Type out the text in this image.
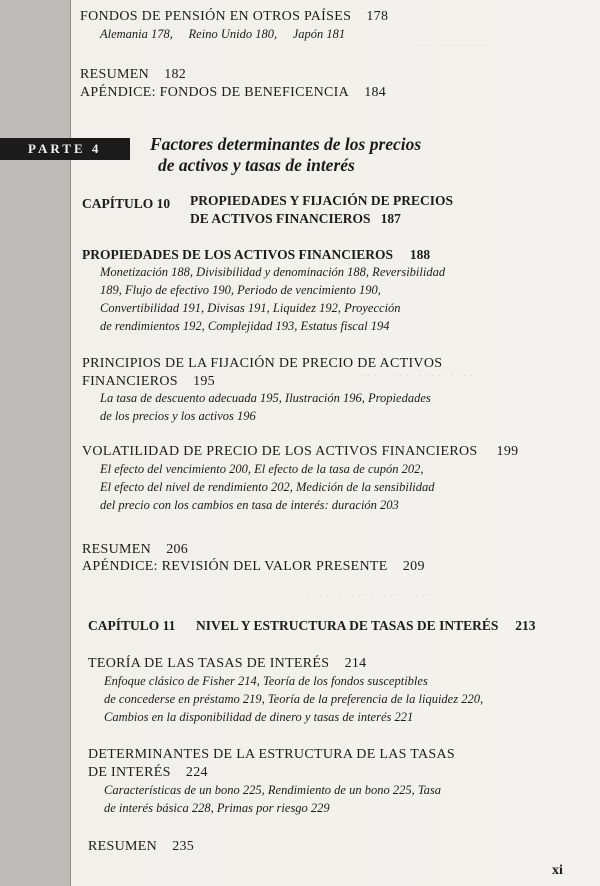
· · · · · · · · · · · · · · ·
· · · · · · · · · · · · · · · · · ·
· · · · · · · · · · · · · · · · · · · · ·
FONDOS DE PENSIÓN EN OTROS PAÍSES 178
Alemania 178, Reino Unido 180, Japón 181
RESUMEN 182
APÉNDICE: FONDOS DE BENEFICENCIA 184
PARTE 4	Factores determinantes de los precios
de activos y tasas de interés
CAPÍTULO 10 PROPIEDADES Y FIJACIÓN DE PRECIOS
DE ACTIVOS FINANCIEROS 187
PROPIEDADES DE LOS ACTIVOS FINANCIEROS 188
Monetización 188, Divisibilidad y denominación 188, Reversibilidad
189, Flujo de efectivo 190, Periodo de vencimiento 190,
Convertibilidad 191, Divisas 191, Liquidez 192, Proyección
de rendimientos 192, Complejidad 193, Estatus fiscal 194
PRINCIPIOS DE LA FIJACIÓN DE PRECIO DE ACTIVOS
FINANCIEROS 195
La tasa de descuento adecuada 195, Ilustración 196, Propiedades
de los precios y los activos 196
VOLATILIDAD DE PRECIO DE LOS ACTIVOS FINANCIEROS 199
El efecto del vencimiento 200, El efecto de la tasa de cupón 202,
El efecto del nivel de rendimiento 202, Medición de la sensibilidad
del precio con los cambios en tasa de interés: duración 203
RESUMEN 206
APÉNDICE: REVISIÓN DEL VALOR PRESENTE 209
CAPÍTULO 11 NIVEL Y ESTRUCTURA DE TASAS DE INTERÉS 213
TEORÍA DE LAS TASAS DE INTERÉS 214
Enfoque clásico de Fisher 214, Teoría de los fondos susceptibles
de concederse en préstamo 219, Teoría de la preferencia de la liquidez 220,
Cambios en la disponibilidad de dinero y tasas de interés 221
DETERMINANTES DE LA ESTRUCTURA DE LAS TASAS
DE INTERÉS 224
Características de un bono 225, Rendimiento de un bono 225, Tasa
de interés básica 228, Primas por riesgo 229
RESUMEN 235
xi
